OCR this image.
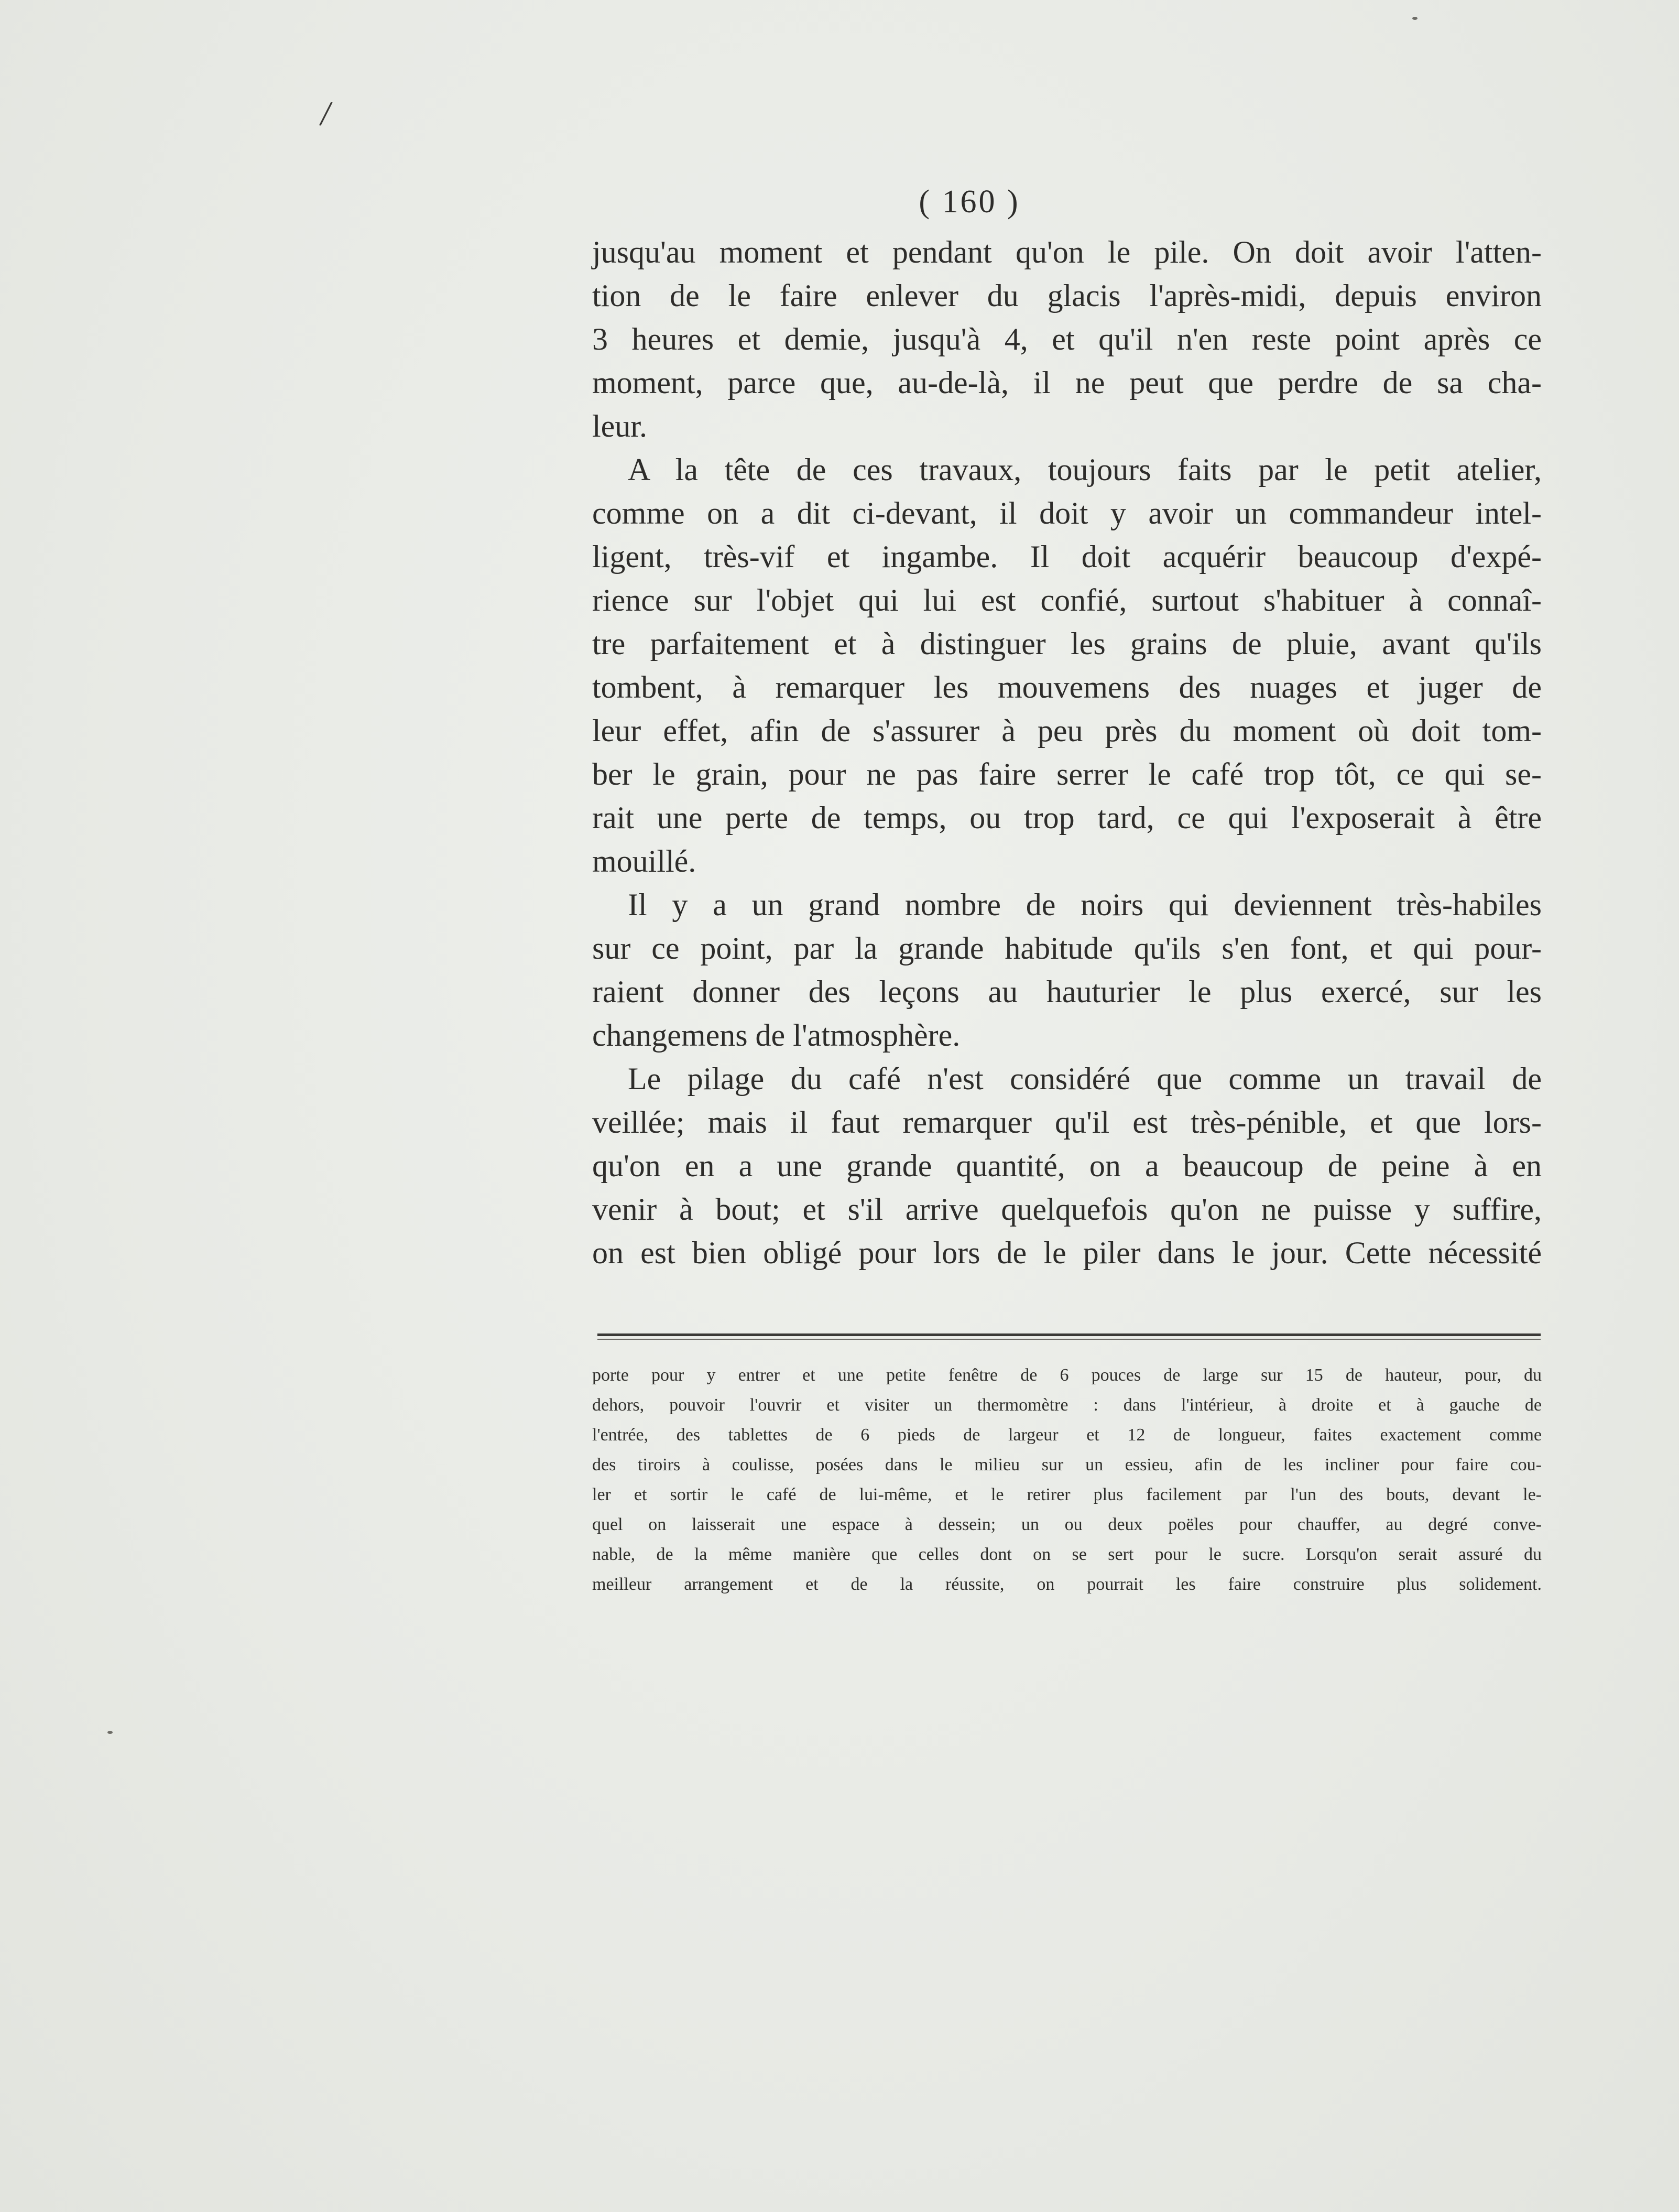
/
( 160 )
jusqu'au moment et pendant qu'on le pile. On doit avoir l'atten-
tion de le faire enlever du glacis l'après-midi, depuis environ
3 heures et demie, jusqu'à 4, et qu'il n'en reste point après ce
moment, parce que, au-de-là, il ne peut que perdre de sa cha-
leur.
A la tête de ces travaux, toujours faits par le petit atelier,
comme on a dit ci-devant, il doit y avoir un commandeur intel-
ligent, très-vif et ingambe. Il doit acquérir beaucoup d'expé-
rience sur l'objet qui lui est confié, surtout s'habituer à connaî-
tre parfaitement et à distinguer les grains de pluie, avant qu'ils
tombent, à remarquer les mouvemens des nuages et juger de
leur effet, afin de s'assurer à peu près du moment où doit tom-
ber le grain, pour ne pas faire serrer le café trop tôt, ce qui se-
rait une perte de temps, ou trop tard, ce qui l'exposerait à être
mouillé.
Il y a un grand nombre de noirs qui deviennent très-habiles
sur ce point, par la grande habitude qu'ils s'en font, et qui pour-
raient donner des leçons au hauturier le plus exercé, sur les
changemens de l'atmosphère.
Le pilage du café n'est considéré que comme un travail de
veillée; mais il faut remarquer qu'il est très-pénible, et que lors-
qu'on en a une grande quantité, on a beaucoup de peine à en
venir à bout; et s'il arrive quelquefois qu'on ne puisse y suffire,
on est bien obligé pour lors de le piler dans le jour. Cette nécessité
porte pour y entrer et une petite fenêtre de 6 pouces de large sur 15 de hauteur, pour, du
dehors, pouvoir l'ouvrir et visiter un thermomètre : dans l'intérieur, à droite et à gauche de
l'entrée, des tablettes de 6 pieds de largeur et 12 de longueur, faites exactement comme
des tiroirs à coulisse, posées dans le milieu sur un essieu, afin de les incliner pour faire cou-
ler et sortir le café de lui-même, et le retirer plus facilement par l'un des bouts, devant le-
quel on laisserait une espace à dessein; un ou deux poëles pour chauffer, au degré conve-
nable, de la même manière que celles dont on se sert pour le sucre. Lorsqu'on serait assuré du
meilleur arrangement et de la réussite, on pourrait les faire construire plus solidement.
